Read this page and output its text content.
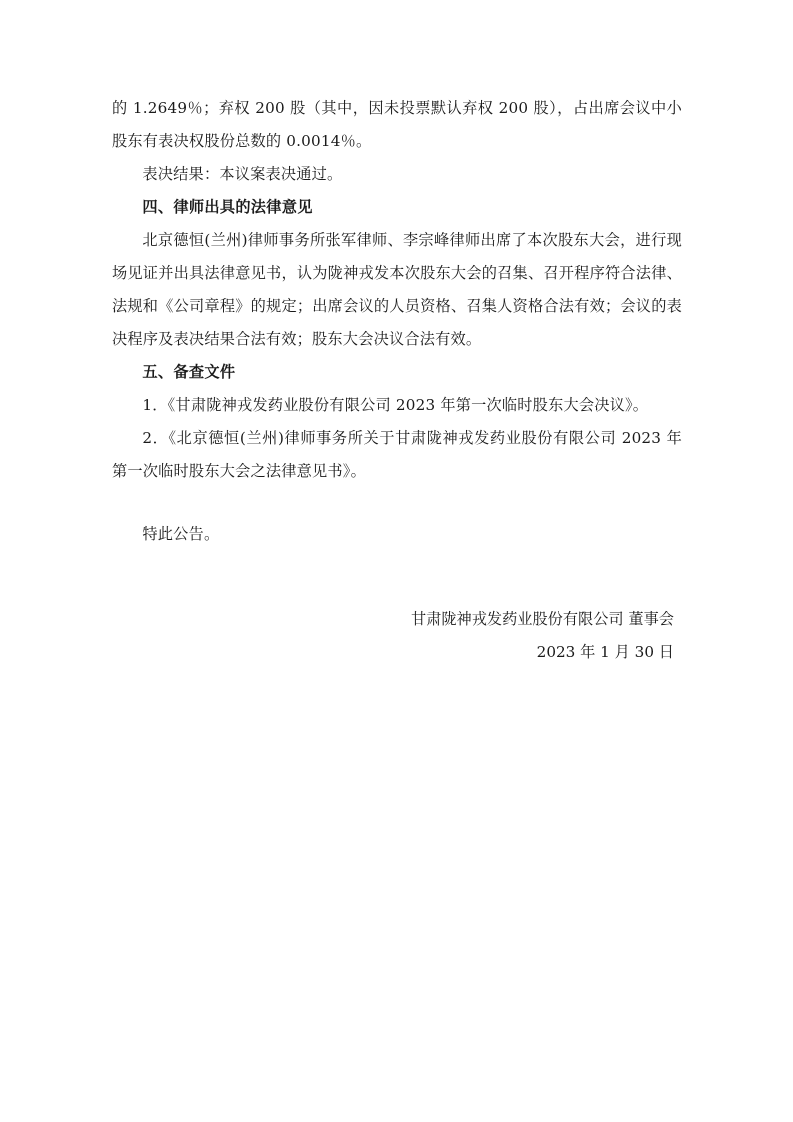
的 1.2649％；弃权 200 股（其中，因未投票默认弃权 200 股），占出席会议中小股东有表决权股份总数的 0.0014％。

表决结果：本议案表决通过。

四、律师出具的法律意见

北京德恒(兰州)律师事务所张军律师、李宗峰律师出席了本次股东大会，进行现场见证并出具法律意见书，认为陇神戎发本次股东大会的召集、召开程序符合法律、法规和《公司章程》的规定；出席会议的人员资格、召集人资格合法有效；会议的表决程序及表决结果合法有效；股东大会决议合法有效。

五、备查文件

1．《甘肃陇神戎发药业股份有限公司 2023 年第一次临时股东大会决议》。

2．《北京德恒(兰州)律师事务所关于甘肃陇神戎发药业股份有限公司 2023 年第一次临时股东大会之法律意见书》。

特此公告。

甘肃陇神戎发药业股份有限公司 董事会
2023 年 1 月 30 日
